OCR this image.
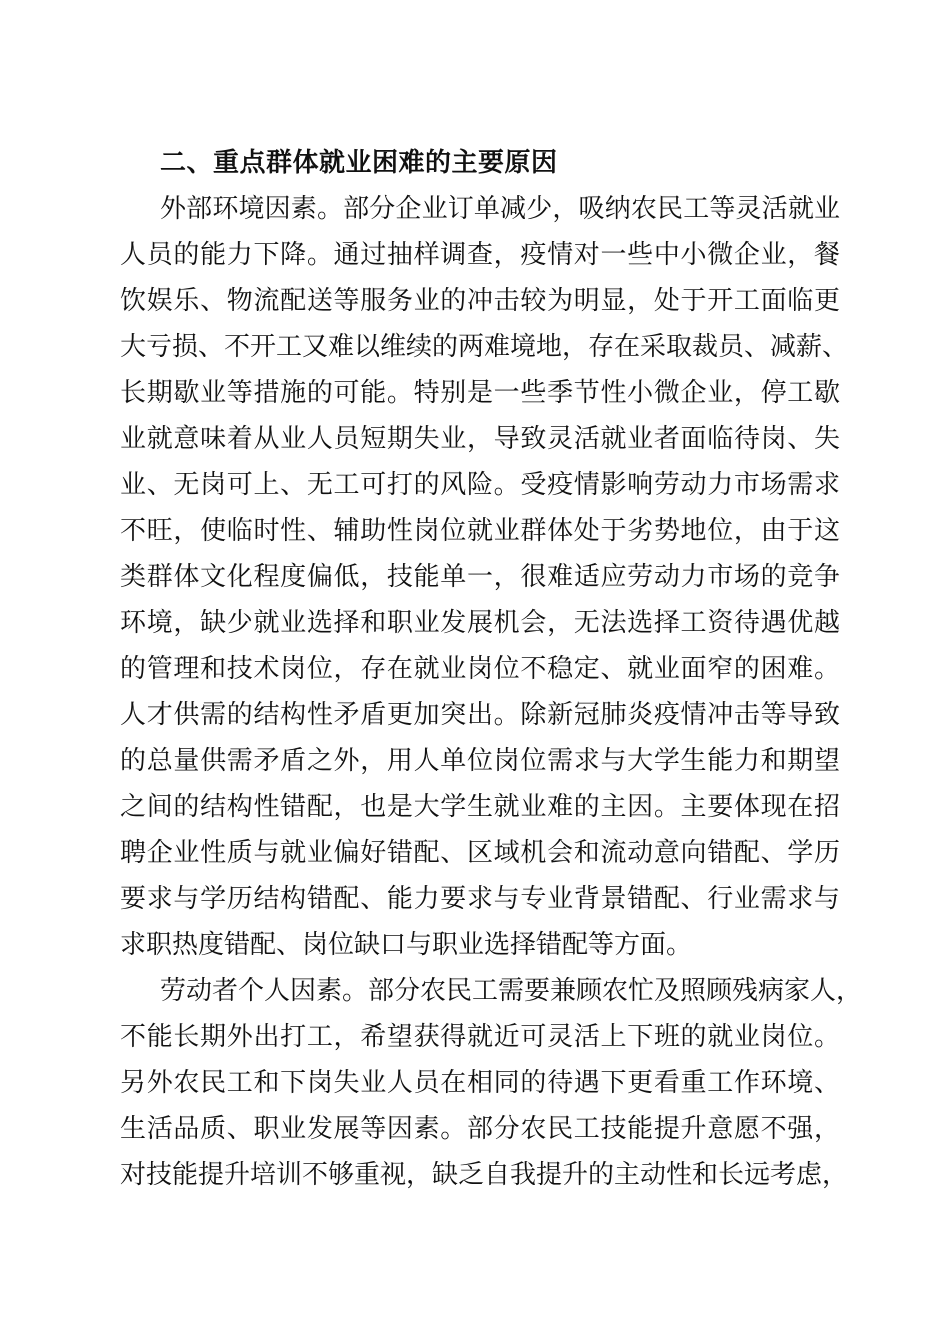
二、重点群体就业困难的主要原因
外部环境因素。部分企业订单减少，吸纳农民工等灵活就业
人员的能力下降。通过抽样调查，疫情对一些中小微企业，餐
饮娱乐、物流配送等服务业的冲击较为明显，处于开工面临更
大亏损、不开工又难以维续的两难境地，存在采取裁员、减薪、
长期歇业等措施的可能。特别是一些季节性小微企业，停工歇
业就意味着从业人员短期失业，导致灵活就业者面临待岗、失
业、无岗可上、无工可打的风险。受疫情影响劳动力市场需求
不旺，使临时性、辅助性岗位就业群体处于劣势地位，由于这
类群体文化程度偏低，技能单一，很难适应劳动力市场的竞争
环境，缺少就业选择和职业发展机会，无法选择工资待遇优越
的管理和技术岗位，存在就业岗位不稳定、就业面窄的困难。
人才供需的结构性矛盾更加突出。除新冠肺炎疫情冲击等导致
的总量供需矛盾之外，用人单位岗位需求与大学生能力和期望
之间的结构性错配，也是大学生就业难的主因。主要体现在招
聘企业性质与就业偏好错配、区域机会和流动意向错配、学历
要求与学历结构错配、能力要求与专业背景错配、行业需求与
求职热度错配、岗位缺口与职业选择错配等方面。
劳动者个人因素。部分农民工需要兼顾农忙及照顾残病家人，
不能长期外出打工，希望获得就近可灵活上下班的就业岗位。
另外农民工和下岗失业人员在相同的待遇下更看重工作环境、
生活品质、职业发展等因素。部分农民工技能提升意愿不强，
对技能提升培训不够重视，缺乏自我提升的主动性和长远考虑，
